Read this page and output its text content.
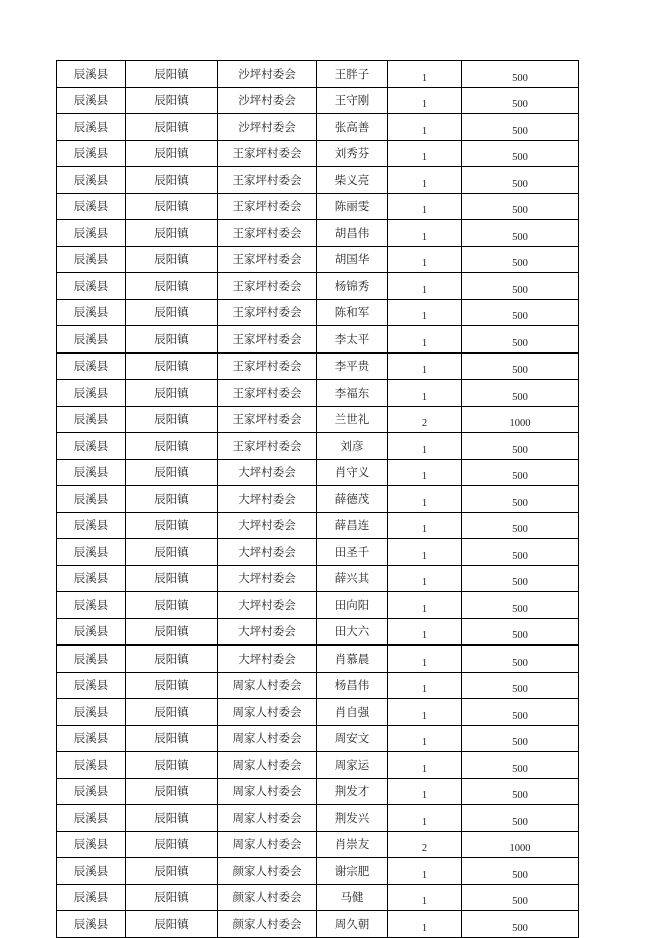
辰溪县	辰阳镇	沙坪村委会	王胖子	1	500
辰溪县	辰阳镇	沙坪村委会	王守刚	1	500
辰溪县	辰阳镇	沙坪村委会	张高善	1	500
辰溪县	辰阳镇	王家坪村委会	刘秀芬	1	500
辰溪县	辰阳镇	王家坪村委会	柴义亮	1	500
辰溪县	辰阳镇	王家坪村委会	陈丽雯	1	500
辰溪县	辰阳镇	王家坪村委会	胡昌伟	1	500
辰溪县	辰阳镇	王家坪村委会	胡国华	1	500
辰溪县	辰阳镇	王家坪村委会	杨锦秀	1	500
辰溪县	辰阳镇	王家坪村委会	陈和军	1	500
辰溪县	辰阳镇	王家坪村委会	李太平	1	500
辰溪县	辰阳镇	王家坪村委会	李平贵	1	500
辰溪县	辰阳镇	王家坪村委会	李福东	1	500
辰溪县	辰阳镇	王家坪村委会	兰世礼	2	1000
辰溪县	辰阳镇	王家坪村委会	刘彦	1	500
辰溪县	辰阳镇	大坪村委会	肖守义	1	500
辰溪县	辰阳镇	大坪村委会	薛德茂	1	500
辰溪县	辰阳镇	大坪村委会	薛昌连	1	500
辰溪县	辰阳镇	大坪村委会	田圣千	1	500
辰溪县	辰阳镇	大坪村委会	薛兴其	1	500
辰溪县	辰阳镇	大坪村委会	田向阳	1	500
辰溪县	辰阳镇	大坪村委会	田大六	1	500
辰溪县	辰阳镇	大坪村委会	肖慕晨	1	500
辰溪县	辰阳镇	周家人村委会	杨昌伟	1	500
辰溪县	辰阳镇	周家人村委会	肖自强	1	500
辰溪县	辰阳镇	周家人村委会	周安文	1	500
辰溪县	辰阳镇	周家人村委会	周家运	1	500
辰溪县	辰阳镇	周家人村委会	荆发才	1	500
辰溪县	辰阳镇	周家人村委会	荆发兴	1	500
辰溪县	辰阳镇	周家人村委会	肖崇友	2	1000
辰溪县	辰阳镇	颜家人村委会	谢宗肥	1	500
辰溪县	辰阳镇	颜家人村委会	马健	1	500
辰溪县	辰阳镇	颜家人村委会	周久朝	1	500
